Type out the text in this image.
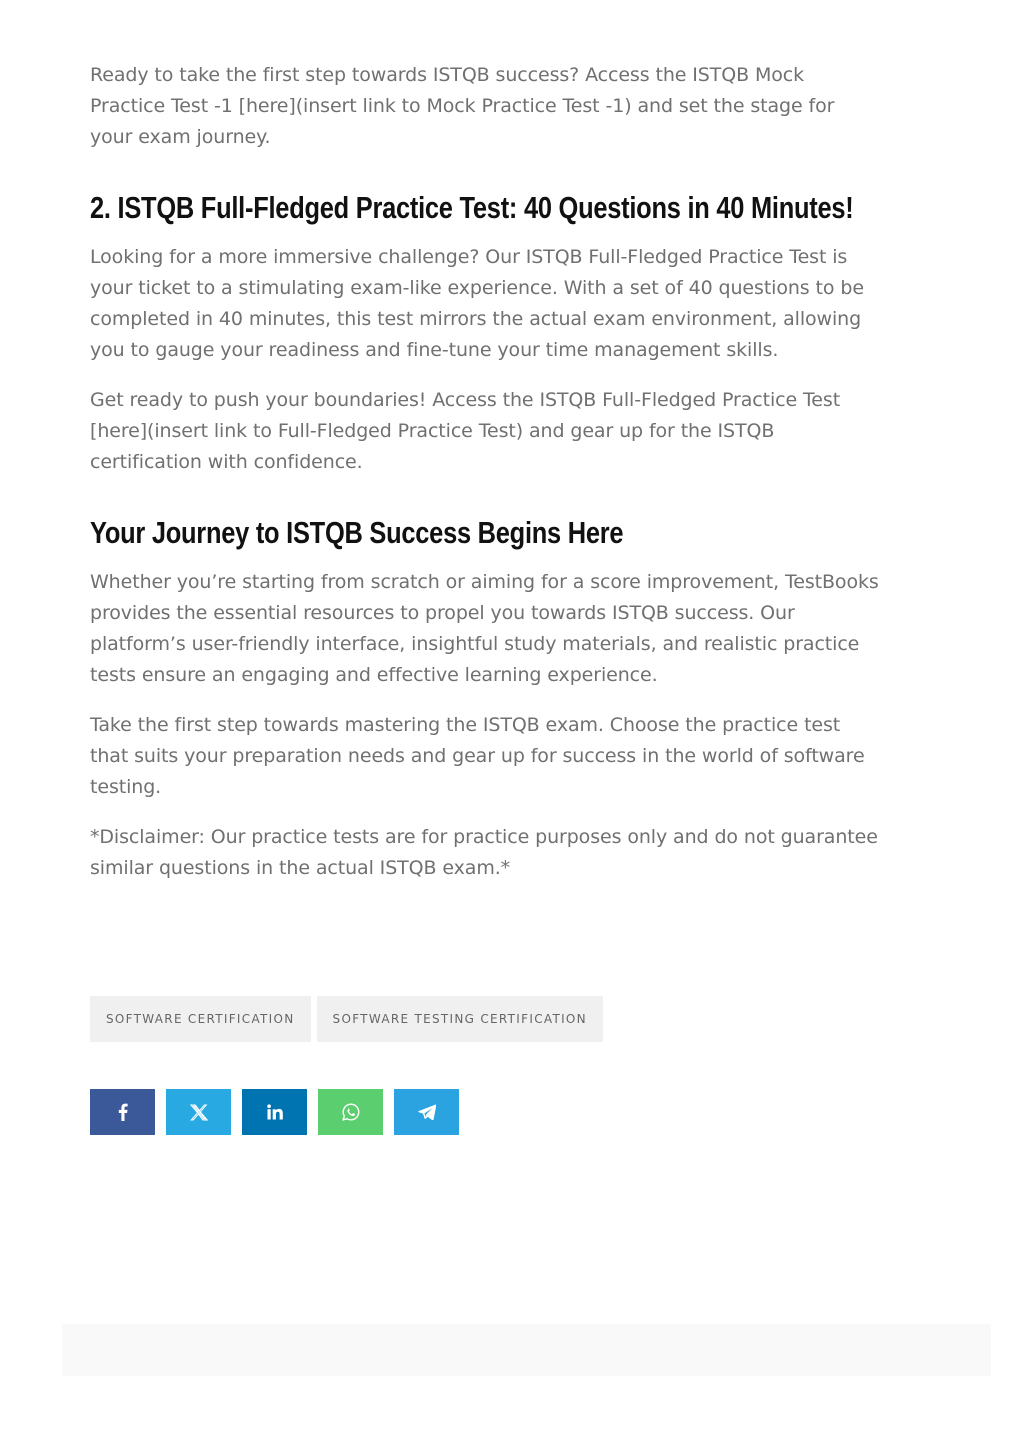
Ready to take the first step towards ISTQB success? Access the ISTQB Mock Practice Test -1 [here](insert link to Mock Practice Test -1) and set the stage for your exam journey.

2. ISTQB Full-Fledged Practice Test: 40 Questions in 40 Minutes!

Looking for a more immersive challenge? Our ISTQB Full-Fledged Practice Test is your ticket to a stimulating exam-like experience. With a set of 40 questions to be completed in 40 minutes, this test mirrors the actual exam environment, allowing you to gauge your readiness and fine-tune your time management skills.

Get ready to push your boundaries! Access the ISTQB Full-Fledged Practice Test [here](insert link to Full-Fledged Practice Test) and gear up for the ISTQB certification with confidence.

Your Journey to ISTQB Success Begins Here

Whether you’re starting from scratch or aiming for a score improvement, TestBooks provides the essential resources to propel you towards ISTQB success. Our platform’s user-friendly interface, insightful study materials, and realistic practice tests ensure an engaging and effective learning experience.

Take the first step towards mastering the ISTQB exam. Choose the practice test that suits your preparation needs and gear up for success in the world of software testing.

*Disclaimer: Our practice tests are for practice purposes only and do not guarantee similar questions in the actual ISTQB exam.*

SOFTWARE CERTIFICATION	SOFTWARE TESTING CERTIFICATION
